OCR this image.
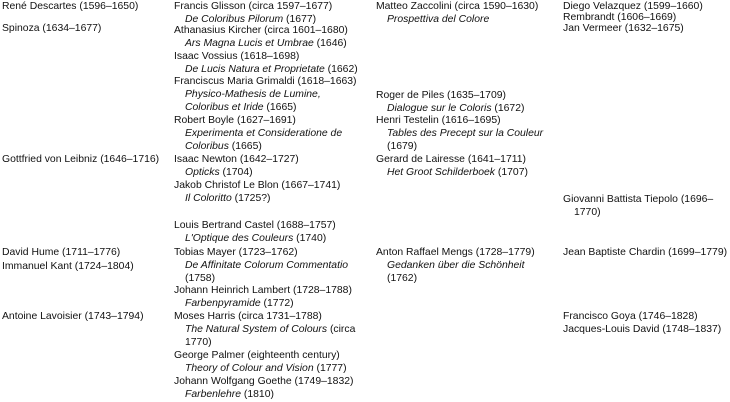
René Descartes (1596–1650)
Spinoza (1634–1677)
Gottfried von Leibniz (1646–1716)
David Hume (1711–1776)
Immanuel Kant (1724–1804)
Antoine Lavoisier (1743–1794)
Francis Glisson (circa 1597–1677)
De Coloribus Pilorum (1677)
Athanasius Kircher (circa 1601–1680)
Ars Magna Lucis et Umbrae (1646)
Isaac Vossius (1618–1698)
De Lucis Natura et Proprietate (1662)
Franciscus Maria Grimaldi (1618–1663)
Physico-Mathesis de Lumine, Coloribus et Iride (1665)
Robert Boyle (1627–1691)
Experimenta et Consideratione de Coloribus (1665)
Isaac Newton (1642–1727)
Opticks (1704)
Jakob Christof Le Blon (1667–1741)
Il Coloritto (1725?)
Louis Bertrand Castel (1688–1757)
L'Optique des Couleurs (1740)
Tobias Mayer (1723–1762)
De Affinitate Colorum Commentatio (1758)
Johann Heinrich Lambert (1728–1788)
Farbenpyramide (1772)
Moses Harris (circa 1731–1788)
The Natural System of Colours (circa 1770)
George Palmer (eighteenth century)
Theory of Colour and Vision (1777)
Johann Wolfgang Goethe (1749–1832)
Farbenlehre (1810)
Matteo Zaccolini (circa 1590–1630)
Prospettiva del Colore
Roger de Piles (1635–1709)
Dialogue sur le Coloris (1672)
Henri Testelin (1616–1695)
Tables des Precept sur la Couleur (1679)
Gerard de Lairesse (1641–1711)
Het Groot Schilderboek (1707)
Anton Raffael Mengs (1728–1779)
Gedanken über die Schönheit (1762)
Diego Velazquez (1599–1660)
Rembrandt (1606–1669)
Jan Vermeer (1632–1675)
Giovanni Battista Tiepolo (1696–
1770)
Jean Baptiste Chardin (1699–1779)
Francisco Goya (1746–1828)
Jacques-Louis David (1748–1837)
